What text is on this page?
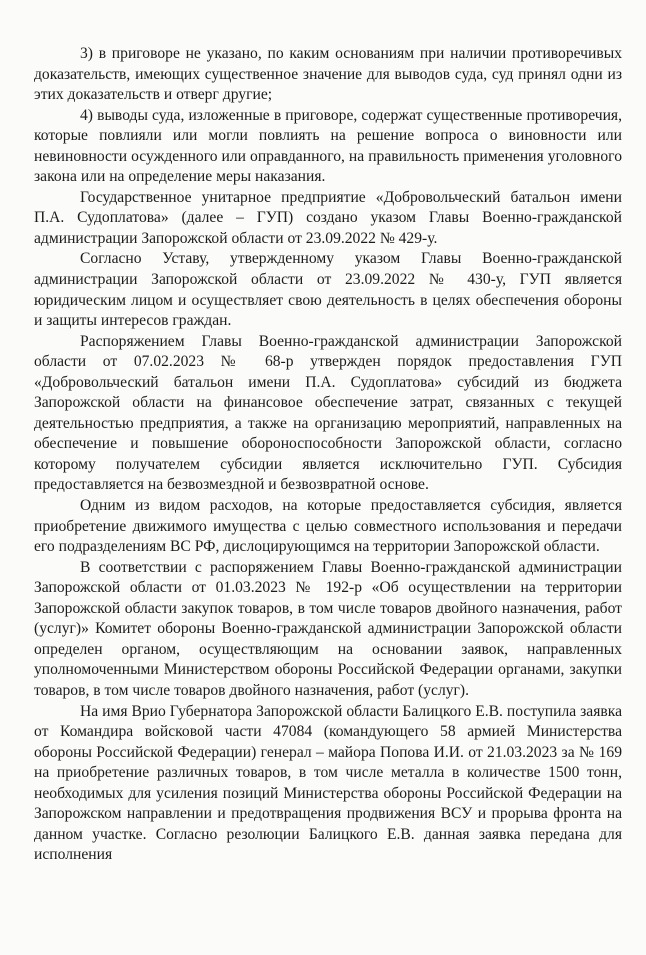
3) в приговоре не указано, по каким основаниям при наличии противоречивых доказательств, имеющих существенное значение для выводов суда, суд принял одни из этих доказательств и отверг другие;

4) выводы суда, изложенные в приговоре, содержат существенные противоречия, которые повлияли или могли повлиять на решение вопроса о виновности или невиновности осужденного или оправданного, на правильность применения уголовного закона или на определение меры наказания.

Государственное унитарное предприятие «Добровольческий батальон имени П.А. Судоплатова» (далее – ГУП) создано указом Главы Военно-гражданской администрации Запорожской области от 23.09.2022 № 429-у.

Согласно Уставу, утвержденному указом Главы Военно-гражданской администрации Запорожской области от 23.09.2022 № 430-у, ГУП является юридическим лицом и осуществляет свою деятельность в целях обеспечения обороны и защиты интересов граждан.

Распоряжением Главы Военно-гражданской администрации Запорожской области от 07.02.2023 № 68-р утвержден порядок предоставления ГУП «Добровольческий батальон имени П.А. Судоплатова» субсидий из бюджета Запорожской области на финансовое обеспечение затрат, связанных с текущей деятельностью предприятия, а также на организацию мероприятий, направленных на обеспечение и повышение обороноспособности Запорожской области, согласно которому получателем субсидии является исключительно ГУП. Субсидия предоставляется на безвозмездной и безвозвратной основе.

Одним из видом расходов, на которые предоставляется субсидия, является приобретение движимого имущества с целью совместного использования и передачи его подразделениям ВС РФ, дислоцирующимся на территории Запорожской области.

В соответствии с распоряжением Главы Военно-гражданской администрации Запорожской области от 01.03.2023 № 192-р «Об осуществлении на территории Запорожской области закупок товаров, в том числе товаров двойного назначения, работ (услуг)» Комитет обороны Военно-гражданской администрации Запорожской области определен органом, осуществляющим на основании заявок, направленных уполномоченными Министерством обороны Российской Федерации органами, закупки товаров, в том числе товаров двойного назначения, работ (услуг).

На имя Врио Губернатора Запорожской области Балицкого Е.В. поступила заявка от Командира войсковой части 47084 (командующего 58 армией Министерства обороны Российской Федерации) генерал – майора Попова И.И. от 21.03.2023 за № 169 на приобретение различных товаров, в том числе металла в количестве 1500 тонн, необходимых для усиления позиций Министерства обороны Российской Федерации на Запорожском направлении и предотвращения продвижения ВСУ и прорыва фронта на данном участке. Согласно резолюции Балицкого Е.В. данная заявка передана для исполнения
